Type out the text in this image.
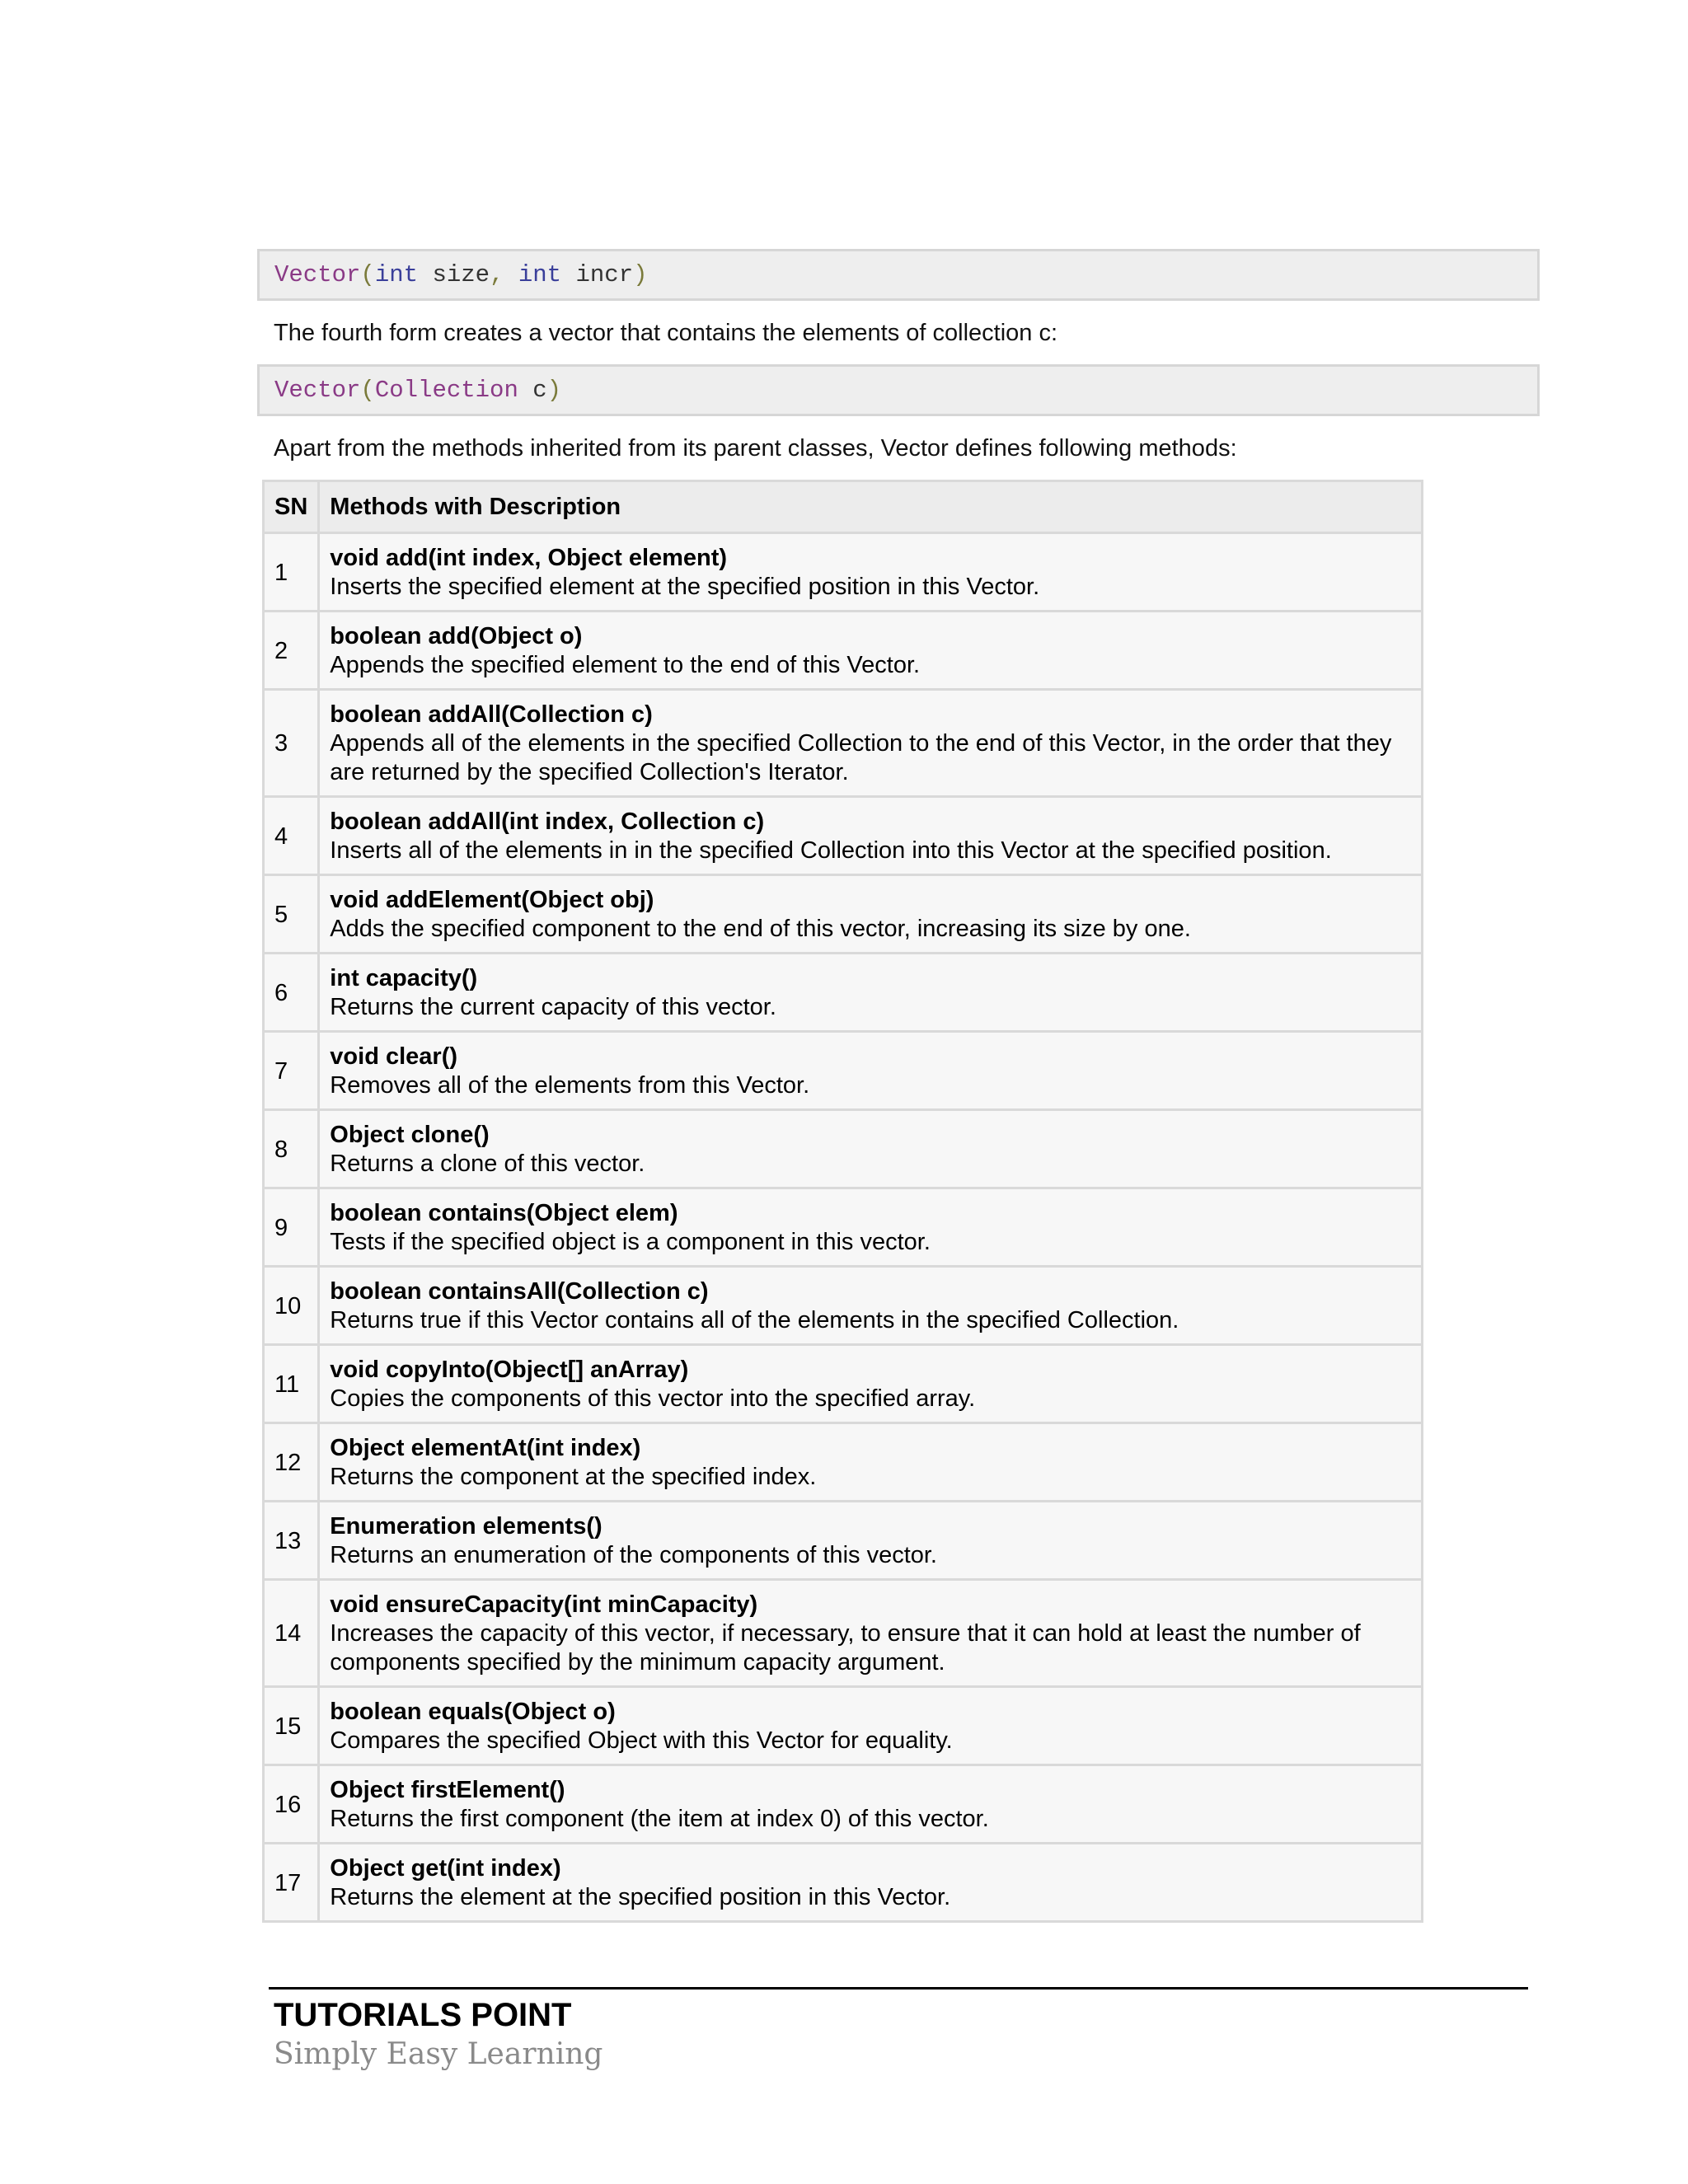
Vector ( int size , int incr )
The fourth form creates a vector that contains the elements of collection c:
Vector ( Collection c )
Apart from the methods inherited from its parent classes, Vector defines following methods:
SN	Methods with Description
1	void add(int index, Object element)
Inserts the specified element at the specified position in this Vector.

2	boolean add(Object o)
Appends the specified element to the end of this Vector.

3	boolean addAll(Collection c)
Appends all of the elements in the specified Collection to the end of this Vector, in the order that they are returned by the specified Collection's Iterator.

4	boolean addAll(int index, Collection c)
Inserts all of the elements in in the specified Collection into this Vector at the specified position.

5	void addElement(Object obj)
Adds the specified component to the end of this vector, increasing its size by one.

6	int capacity()
Returns the current capacity of this vector.

7	void clear()
Removes all of the elements from this Vector.

8	Object clone()
Returns a clone of this vector.

9	boolean contains(Object elem)
Tests if the specified object is a component in this vector.

10	boolean containsAll(Collection c)
Returns true if this Vector contains all of the elements in the specified Collection.

11	void copyInto(Object[] anArray)
Copies the components of this vector into the specified array.

12	Object elementAt(int index)
Returns the component at the specified index.

13	Enumeration elements()
Returns an enumeration of the components of this vector.

14	void ensureCapacity(int minCapacity)
Increases the capacity of this vector, if necessary, to ensure that it can hold at least the number of components specified by the minimum capacity argument.

15	boolean equals(Object o)
Compares the specified Object with this Vector for equality.

16	Object firstElement()
Returns the first component (the item at index 0) of this vector.

17	Object get(int index)
Returns the element at the specified position in this Vector.
TUTORIALS POINT
Simply Easy Learning
